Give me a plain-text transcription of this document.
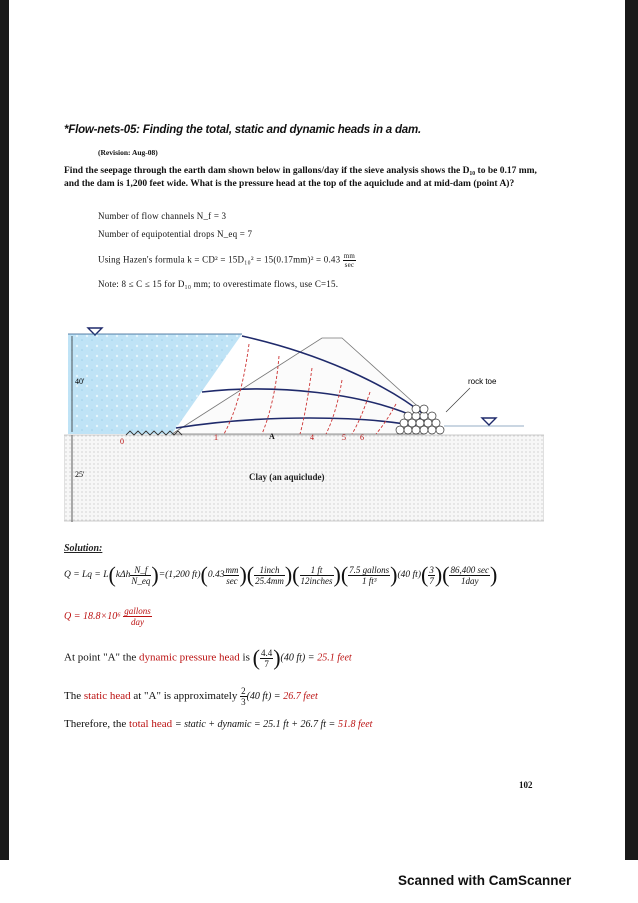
*Flow-nets-05: Finding the total, static and dynamic heads in a dam.
(Revision: Aug-08)
Find the seepage through the earth dam shown below in gallons/day if the sieve analysis shows the D₁₀ to be 0.17 mm, and the dam is 1,200 feet wide. What is the pressure head at the top of the aquiclude and at mid-dam (point A)?
Number of flow channels N_f = 3
Number of equipotential drops N_eq = 7
Using Hazen's formula $k = CD^2 = 15D_{10}^2 = 15(0.17mm)^2 = 0.43 \frac{mm}{\sec}$
Note: 8 ≤ C ≤ 15 for D₁₀ mm; to overestimate flows, use C=15.
40'
25'
rock toe
0	1	A	4	5 6
Clay (an aquiclude)
Solution:
$Q = Lq = L(k\Delta h \frac{N\_f}{N\_eq} )=(1,200$ $ft)(0.43 \frac{mm}{\sec}$ )( $\frac{\text{1inch}}{25.4mm}$ )( $\frac{1 ft}{\text{12inches}}$ )( $\frac{\text{7.5 gallons}}{\text{1 ft³}} )(40$ $ft)( \frac{3}{7}$ )( $\frac{86,400 \sec}{\text{1day}}$ )
$Q = 18.8\times 10^6 \frac{\text{gallons}}{\text{day}}$
At point "A" the dynamic pressure head is ( $\frac{4.4}{7} )(40$ ft) = 25.1 feet
The static head at "A" is approximately $\frac{2}{3} (40$ ft) = 26.7 feet
Therefore, the total head = static + dynamic = 25.1 ft + 26.7 ft = 51.8 feet
102
Scanned with CamScanner
